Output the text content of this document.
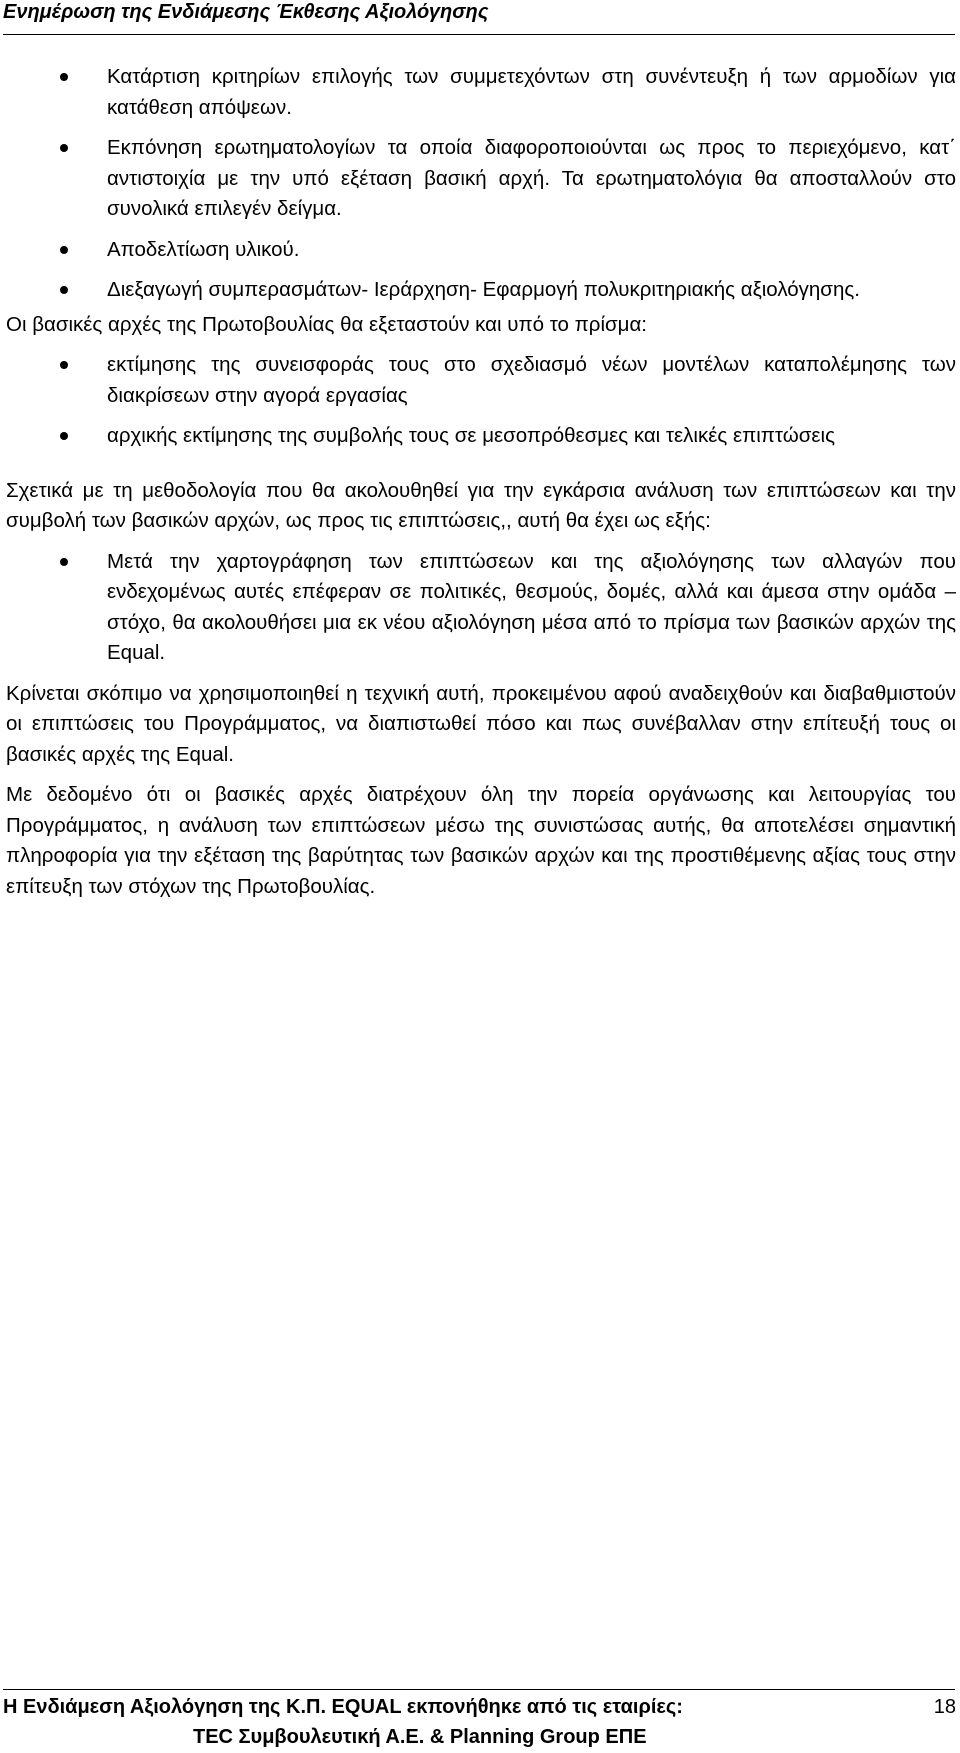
Ενημέρωση της Ενδιάμεσης Έκθεσης Αξιολόγησης
Κατάρτιση κριτηρίων επιλογής των συμμετεχόντων στη συνέντευξη ή των αρμοδίων για κατάθεση απόψεων.
Εκπόνηση ερωτηματολογίων τα οποία διαφοροποιούνται ως προς το περιεχόμενο, κατ΄ αντιστοιχία με την υπό εξέταση βασική αρχή. Τα ερωτηματολόγια θα αποσταλλούν στο συνολικά επιλεγέν δείγμα.
Αποδελτίωση υλικού.
Διεξαγωγή συμπερασμάτων- Ιεράρχηση- Εφαρμογή πολυκριτηριακής αξιολόγησης.

Οι βασικές αρχές της Πρωτοβουλίας θα εξεταστούν και υπό το πρίσμα:

εκτίμησης της συνεισφοράς τους στο σχεδιασμό νέων μοντέλων καταπολέμησης των διακρίσεων στην αγορά εργασίας
αρχικής εκτίμησης της συμβολής τους σε μεσοπρόθεσμες και τελικές επιπτώσεις

Σχετικά με τη μεθοδολογία που θα ακολουθηθεί για την εγκάρσια ανάλυση των επιπτώσεων και την συμβολή των βασικών αρχών, ως προς τις επιπτώσεις,, αυτή θα έχει ως εξής:

Μετά την χαρτογράφηση των επιπτώσεων και της αξιολόγησης των αλλαγών που ενδεχομένως αυτές επέφεραν σε πολιτικές, θεσμούς, δομές, αλλά και άμεσα στην ομάδα – στόχο, θα ακολουθήσει μια εκ νέου αξιολόγηση μέσα από το πρίσμα των βασικών αρχών της Equal.

Κρίνεται σκόπιμο να χρησιμοποιηθεί η τεχνική αυτή, προκειμένου αφού αναδειχθούν και διαβαθμιστούν οι επιπτώσεις του Προγράμματος, να διαπιστωθεί πόσο και πως συνέβαλλαν στην επίτευξή τους οι βασικές αρχές της Equal.

Με δεδομένο ότι οι βασικές αρχές διατρέχουν όλη την πορεία οργάνωσης και λειτουργίας του Προγράμματος, η ανάλυση των επιπτώσεων μέσω της συνιστώσας αυτής, θα αποτελέσει σημαντική πληροφορία για την εξέταση της βαρύτητας των βασικών αρχών και της προστιθέμενης αξίας τους στην επίτευξη των στόχων της Πρωτοβουλίας.

Η Ενδιάμεση Αξιολόγηση της Κ.Π. EQUAL εκπονήθηκε από τις εταιρίες:
TEC Συμβουλευτική Α.Ε. & Planning Group ΕΠΕ
18
